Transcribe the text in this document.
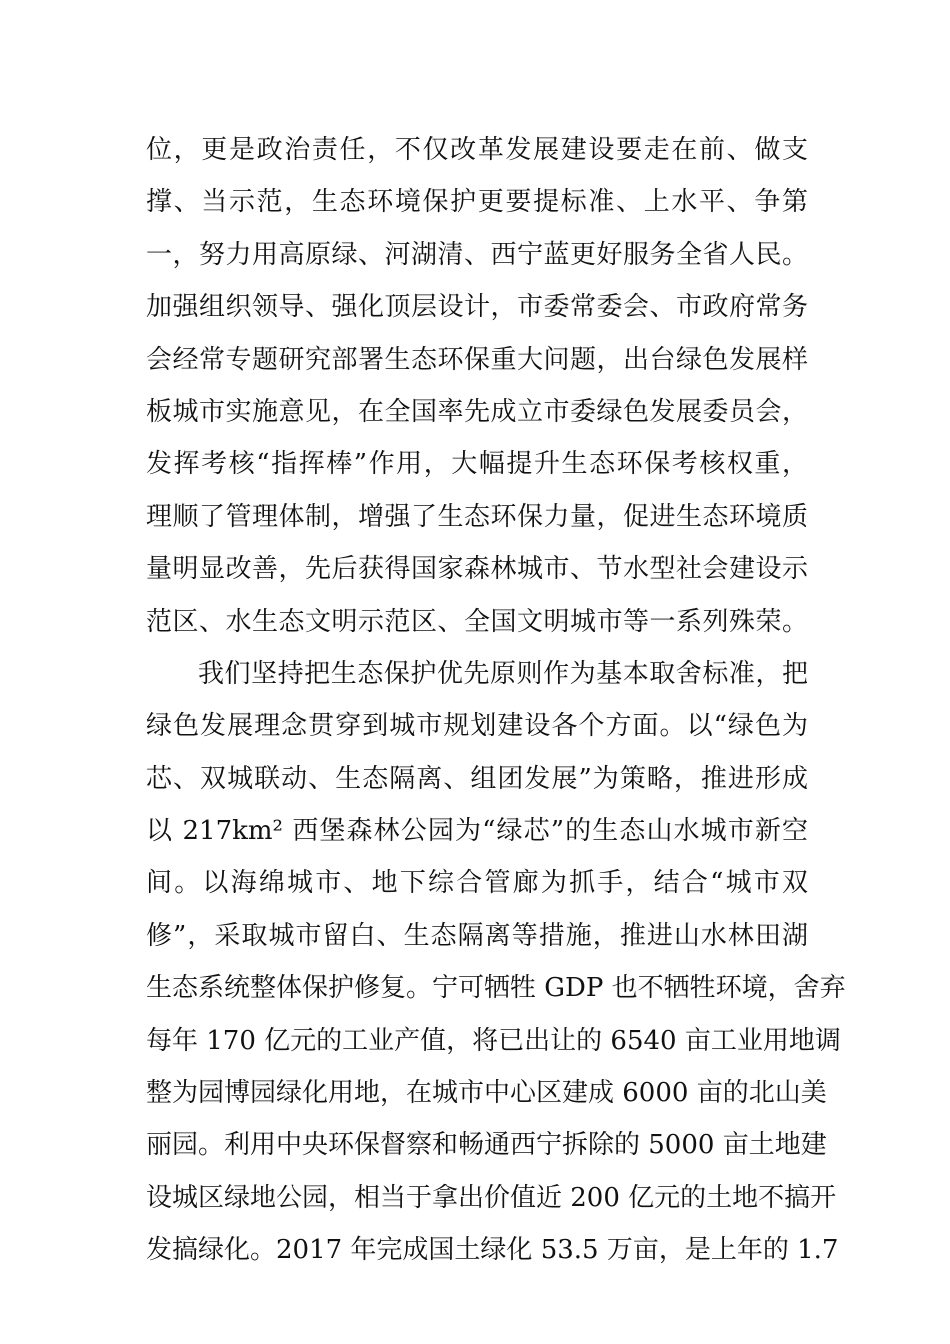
位，更是政治责任，不仅改革发展建设要走在前、做支
撑、当示范，生态环境保护更要提标准、上水平、争第
一，努力用高原绿、河湖清、西宁蓝更好服务全省人民。
加强组织领导、强化顶层设计，市委常委会、市政府常务
会经常专题研究部署生态环保重大问题，出台绿色发展样
板城市实施意见，在全国率先成立市委绿色发展委员会，
发挥考核“指挥棒”作用，大幅提升生态环保考核权重，
理顺了管理体制，增强了生态环保力量，促进生态环境质
量明显改善，先后获得国家森林城市、节水型社会建设示
范区、水生态文明示范区、全国文明城市等一系列殊荣。
我们坚持把生态保护优先原则作为基本取舍标准，把
绿色发展理念贯穿到城市规划建设各个方面。以“绿色为
芯、双城联动、生态隔离、组团发展”为策略，推进形成
以 217km² 西堡森林公园为“绿芯”的生态山水城市新空
间。以海绵城市、地下综合管廊为抓手，结合“城市双
修”，采取城市留白、生态隔离等措施，推进山水林田湖
生态系统整体保护修复。宁可牺牲 GDP 也不牺牲环境，舍弃
每年 170 亿元的工业产值，将已出让的 6540 亩工业用地调
整为园博园绿化用地，在城市中心区建成 6000 亩的北山美
丽园。利用中央环保督察和畅通西宁拆除的 5000 亩土地建
设城区绿地公园，相当于拿出价值近 200 亿元的土地不搞开
发搞绿化。2017 年完成国土绿化 53.5 万亩，是上年的 1.7
